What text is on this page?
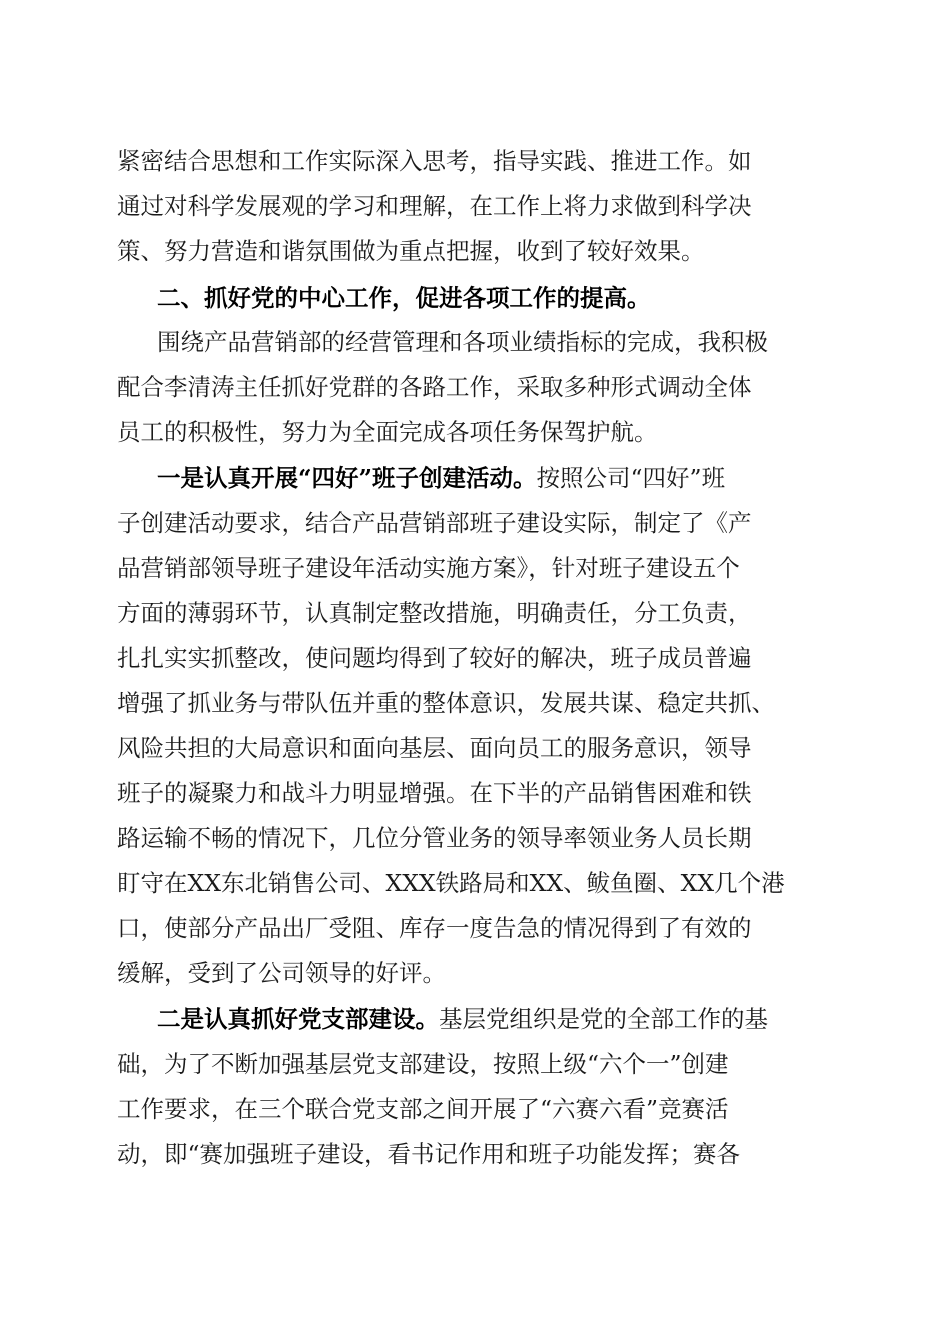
紧密结合思想和工作实际深入思考，指导实践、推进工作。如
通过对科学发展观的学习和理解，在工作上将力求做到科学决
策、努力营造和谐氛围做为重点把握，收到了较好效果。
二、抓好党的中心工作，促进各项工作的提高。
围绕产品营销部的经营管理和各项业绩指标的完成，我积极
配合李清涛主任抓好党群的各路工作，采取多种形式调动全体
员工的积极性，努力为全面完成各项任务保驾护航。
一是认真开展“四好”班子创建活动。按照公司“四好”班
子创建活动要求，结合产品营销部班子建设实际，制定了《产
品营销部领导班子建设年活动实施方案》，针对班子建设五个
方面的薄弱环节，认真制定整改措施，明确责任，分工负责，
扎扎实实抓整改，使问题均得到了较好的解决，班子成员普遍
增强了抓业务与带队伍并重的整体意识，发展共谋、稳定共抓、
风险共担的大局意识和面向基层、面向员工的服务意识，领导
班子的凝聚力和战斗力明显增强。在下半的产品销售困难和铁
路运输不畅的情况下，几位分管业务的领导率领业务人员长期
盯守在XX东北销售公司、XXX铁路局和XX、鲅鱼圈、XX几个港
口，使部分产品出厂受阻、库存一度告急的情况得到了有效的
缓解，受到了公司领导的好评。
二是认真抓好党支部建设。基层党组织是党的全部工作的基
础，为了不断加强基层党支部建设，按照上级“六个一”创建
工作要求，在三个联合党支部之间开展了“六赛六看”竞赛活
动，即“赛加强班子建设，看书记作用和班子功能发挥；赛各
